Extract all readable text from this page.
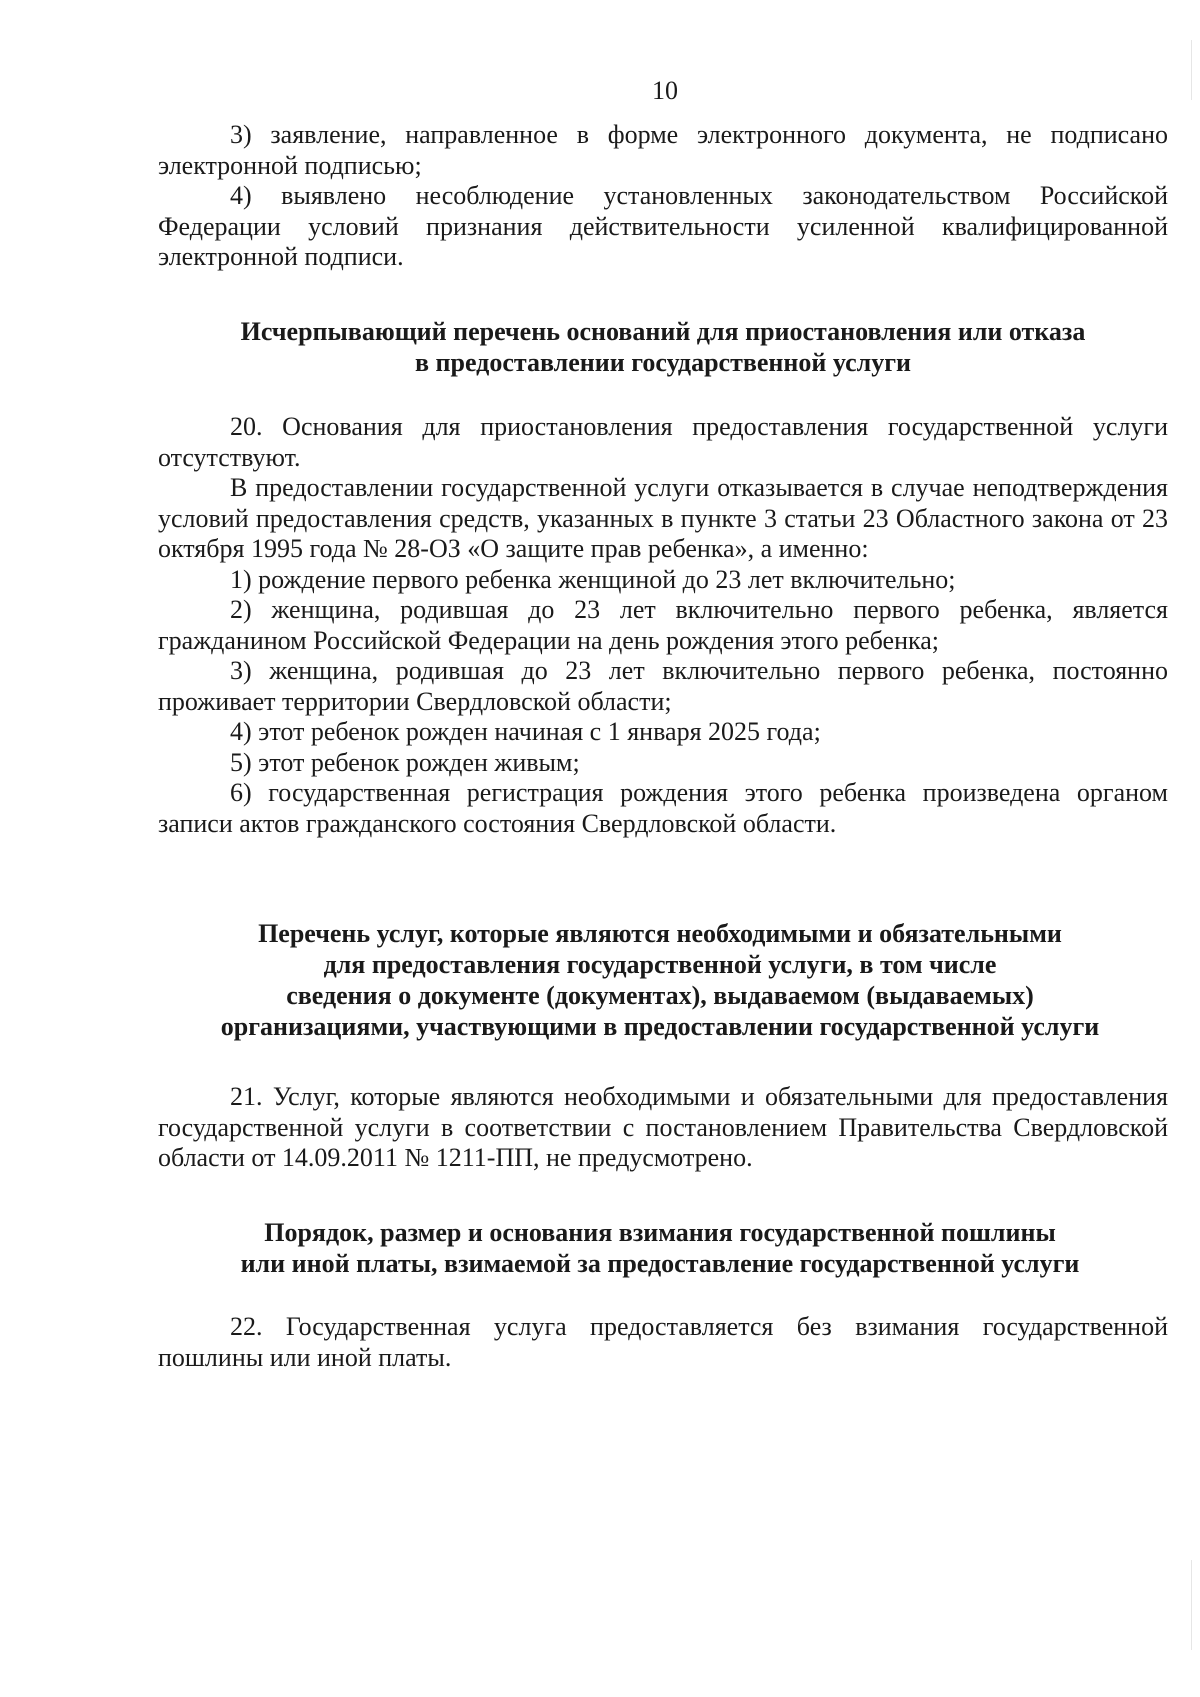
10

3) заявление, направленное в форме электронного документа, не подписано электронной подписью;

4) выявлено несоблюдение установленных законодательством Российской Федерации условий признания действительности усиленной квалифицированной электронной подписи.

Исчерпывающий перечень оснований для приостановления или отказа

в предоставлении государственной услуги

20. Основания для приостановления предоставления государственной услуги отсутствуют.

В предоставлении государственной услуги отказывается в случае неподтверждения условий предоставления средств, указанных в пункте 3 статьи 23 Областного закона от 23 октября 1995 года № 28-ОЗ «О защите прав ребенка», а именно:

1) рождение первого ребенка женщиной до 23 лет включительно;

2) женщина, родившая до 23 лет включительно первого ребенка, является гражданином Российской Федерации на день рождения этого ребенка;

3) женщина, родившая до 23 лет включительно первого ребенка, постоянно проживает территории Свердловской области;

4) этот ребенок рожден начиная с 1 января 2025 года;

5) этот ребенок рожден живым;

6) государственная регистрация рождения этого ребенка произведена органом записи актов гражданского состояния Свердловской области.

Перечень услуг, которые являются необходимыми и обязательными

для предоставления государственной услуги, в том числе

сведения о документе (документах), выдаваемом (выдаваемых)

организациями, участвующими в предоставлении государственной услуги

21. Услуг, которые являются необходимыми и обязательными для предоставления государственной услуги в соответствии с постановлением Правительства Свердловской области от 14.09.2011 № 1211-ПП, не предусмотрено.

Порядок, размер и основания взимания государственной пошлины

или иной платы, взимаемой за предоставление государственной услуги

22. Государственная услуга предоставляется без взимания государственной пошлины или иной платы.
